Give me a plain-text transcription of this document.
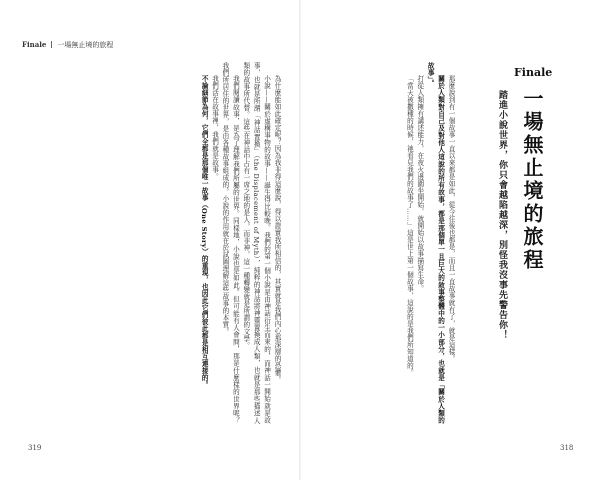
Finale 一場無止境的旅程

為什麼能如此確定呢？因為我非得這麼說，得以證實我所相信的，其實就是我們內心那深層的恐懼。

小說——關於虛構事物的故事——誕生得比較晚。我們的第一個小說是由神話衍生而來的，而神話一開始就是故事，也就是所謂「神話置換」（the Displacement of Myth），純粹的神話將神靈置換成人類，也就是那些描述人類的故事所代替。這些在神話中占有一席之地的是人，而非神，這一種轉變就是所謂的文學。

我們閱讀故事，是為了理解我們所屬的世界。同樣地，小說也是如此。但可能有人會問，那是什麼樣的世界呢？我們所居住的世界，是由各種故事組成的。小說的作用就在於試圖理解這些故事的本質。

我們活在故事裡，我們就是故事。

不論細節為何，它們全都是那個唯一故事（One Story）的重現，也因此它們彼此都是相互連接的。

319
Finale
一場無止境的旅程
踏進小說世界，你只會越陷越深，別怪我沒事先警告你！

那麼說到有一個故事一直以來都是如此，從今往後也都是，而且一直故事就有了，就是這樣。

關於人類對自己及對他人這說的所有故事，都是那個單一且巨大的敘事整體中的一小部分，也就是「關於人類的故事」。

打從人類擁有講述能力，在夜火邊圍坐開始，就開始以故事描寫生命。

「當天被撒種的時候，祂看見我們的故事了……」這是世上第一個故事，這說的是我們所知道的。

318
